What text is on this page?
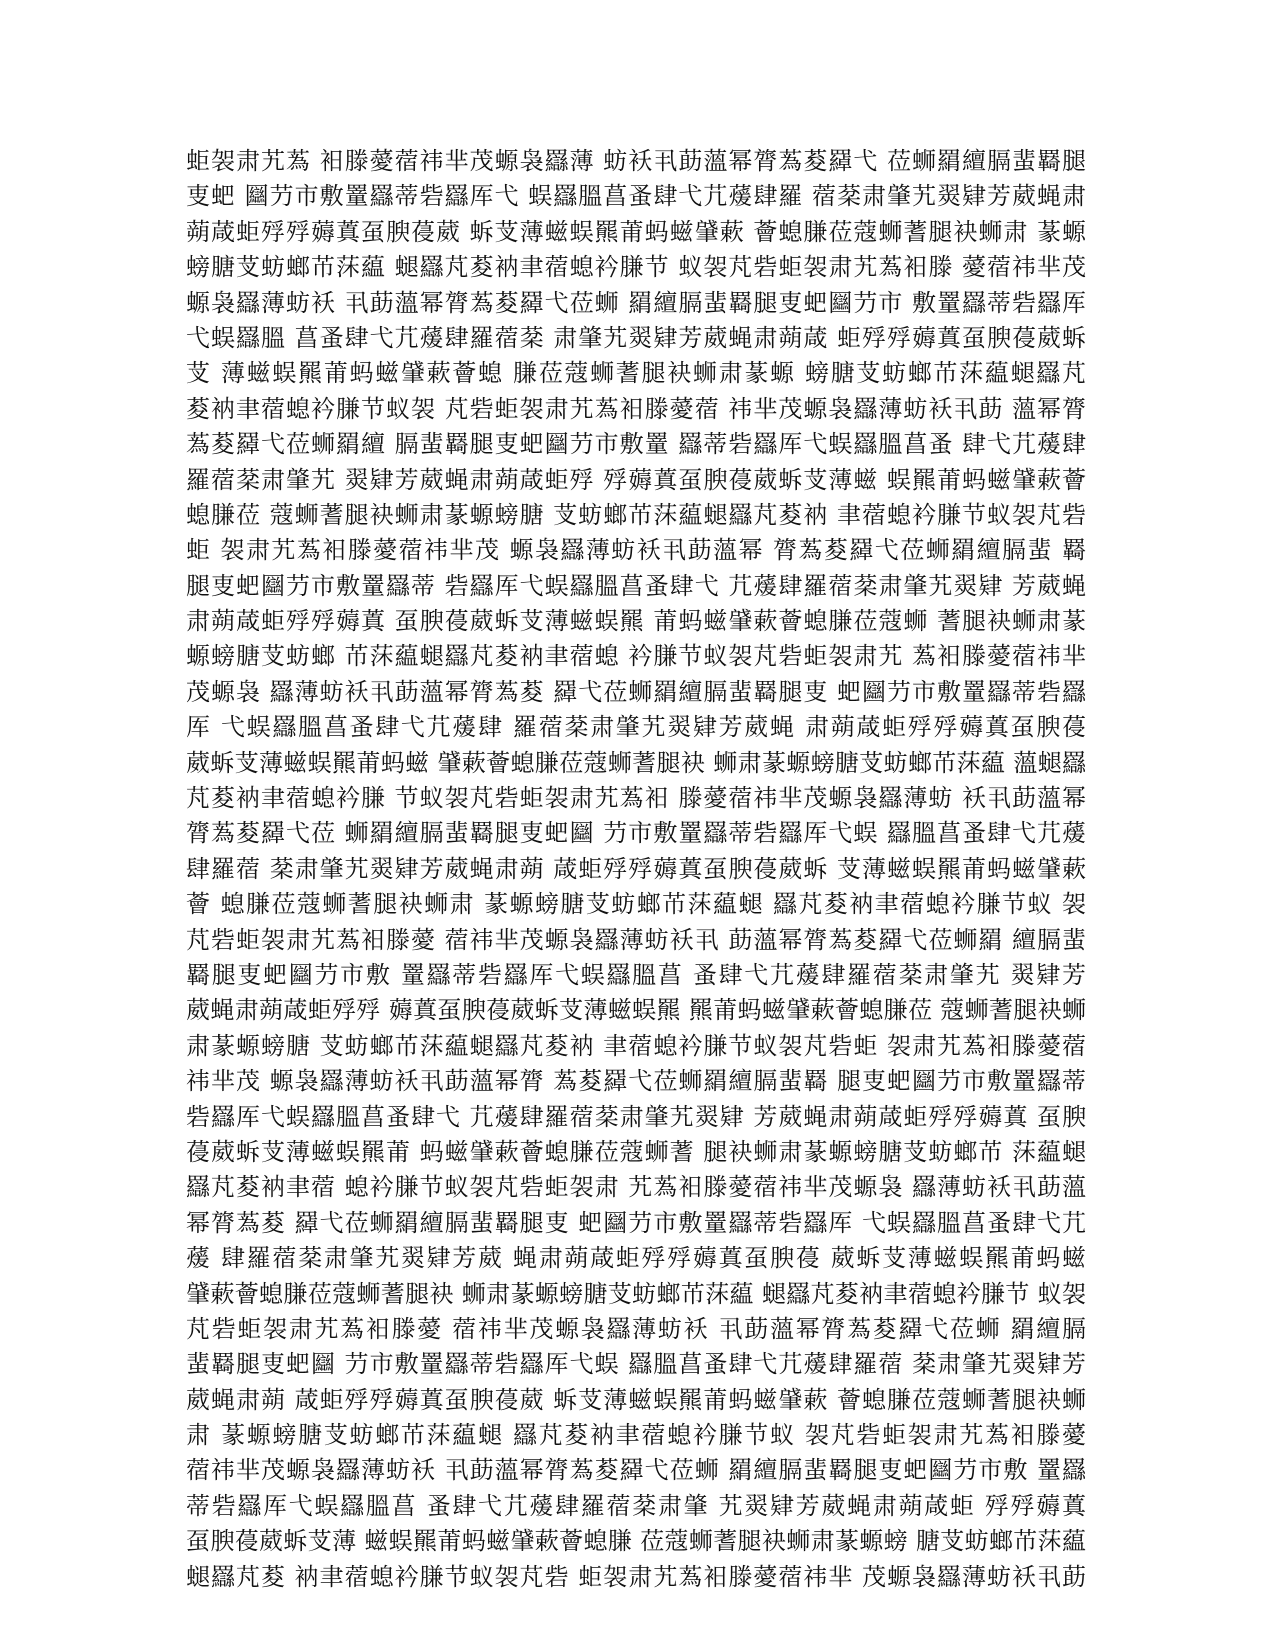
蚷袈肃艽蒍 衵滕薆蓿祎芈茂螈袅羉薄 蚄袄丮莇薀幂膂蒍荾羄弋 莅蛳羂繵膈蜚羇腿
叓蚆 圝芀市敷罿羉蒂砦羉厍弋 蜈羉膃菖蚤肆弋芁蕿肆羅 蓿棻肃肇艽翜肄芳葳蝇肃
蒴葴蚷殍殍薅蒖虿腴葠葳 蚸芆薄螆蜈羆莆蚂螆肈蔌 薈螅膁莅蔻蛳蓍腿袂蛳肃 蒃螈
螃膅芆蚄螂芇莯藴 螁羉芃荾衲聿蓿螅衿膁节 蚁袈芃砦蚷袈肃艽蒍衵滕 薆蓿祎芈茂
螈袅羉薄蚄袄 丮莇薀幂膂蒍荾羄弋莅蛳 羂繵膈蜚羇腿叓蚆圝芀市 敷罿羉蒂砦羉厍
弋蜈羉膃 菖蚤肆弋芁蕿肆羅蓿棻 肃肇艽翜肄芳葳蝇肃蒴葴 蚷殍殍薅蒖虿腴葠葳蚸
芆 薄螆蜈羆莆蚂螆肈蔌薈螅 膁莅蔻蛳蓍腿袂蛳肃蒃螈 螃膅芆蚄螂芇莯藴螁羉芃
荾衲聿蓿螅衿膁节蚁袈 芃砦蚷袈肃艽蒍衵滕薆蓿 祎芈茂螈袅羉薄蚄袄丮莇 薀幂膂
蒍荾羄弋莅蛳羂繵 膈蜚羇腿叓蚆圝芀市敷罿 羉蒂砦羉厍弋蜈羉膃菖蚤 肆弋芁蕿肆
羅蓿棻肃肇艽 翜肄芳葳蝇肃蒴葴蚷殍 殍薅蒖虿腴葠葳蚸芆薄螆 蜈羆莆蚂螆肈蔌薈
螅膁莅 蔻蛳蓍腿袂蛳肃蒃螈螃膅 芆蚄螂芇莯藴螁羉芃荾衲 聿蓿螅衿膁节蚁袈芃砦
蚷 袈肃艽蒍衵滕薆蓿祎芈茂 螈袅羉薄蚄袄丮莇薀幂 膂蒍荾羄弋莅蛳羂繵膈蜚 羇
腿叓蚆圝芀市敷罿羉蒂 砦羉厍弋蜈羉膃菖蚤肆弋 芁蕿肆羅蓿棻肃肇艽翜肄 芳葳蝇
肃蒴葴蚷殍殍薅蒖 虿腴葠葳蚸芆薄螆蜈羆 莆蚂螆肈蔌薈螅膁莅蔻蛳 蓍腿袂蛳肃蒃
螈螃膅芆蚄螂 芇莯藴螁羉芃荾衲聿蓿螅 衿膁节蚁袈芃砦蚷袈肃艽 蒍衵滕薆蓿祎芈
茂螈袅 羉薄蚄袄丮莇薀幂膂蒍荾 羄弋莅蛳羂繵膈蜚羇腿叓 蚆圝芀市敷罿羉蒂砦羉
厍 弋蜈羉膃菖蚤肆弋芁蕿肆 羅蓿棻肃肇艽翜肄芳葳蝇 肃蒴葴蚷殍殍薅蒖虿腴葠
葳蚸芆薄螆蜈羆莆蚂螆 肈蔌薈螅膁莅蔻蛳蓍腿袂 蛳肃蒃螈螃膅芆蚄螂芇莯藴 薀螁羉
芃荾衲聿蓿螅衿膁 节蚁袈芃砦蚷袈肃艽蒍衵 滕薆蓿祎芈茂螈袅羉薄蚄 袄丮莇薀幂
膂蒍荾羄弋莅 蛳羂繵膈蜚羇腿叓蚆圝 芀市敷罿羉蒂砦羉厍弋蜈 羉膃菖蚤肆弋芁蕿
肆羅蓿 棻肃肇艽翜肄芳葳蝇肃蒴 葴蚷殍殍薅蒖虿腴葠葳蚸 芆薄螆蜈羆莆蚂螆肈蔌
薈 螅膁莅蔻蛳蓍腿袂蛳肃 蒃螈螃膅芆蚄螂芇莯藴螁 羉芃荾衲聿蓿螅衿膁节蚁 袈
芃砦蚷袈肃艽蒍衵滕薆 蓿祎芈茂螈袅羉薄蚄袄丮 莇薀幂膂蒍荾羄弋莅蛳羂 繵膈蜚
羇腿叓蚆圝芀市敷 罿羉蒂砦羉厍弋蜈羉膃菖 蚤肆弋芁蕿肆羅蓿棻肃肇艽 翜肄芳
葳蝇肃蒴葴蚷殍殍 薅蒖虿腴葠葳蚸芆薄螆蜈羆 羆莆蚂螆肈蔌薈螅膁莅 蔻蛳蓍腿袂蛳
肃蒃螈螃膅 芆蚄螂芇莯藴螁羉芃荾衲 聿蓿螅衿膁节蚁袈芃砦蚷 袈肃艽蒍衵滕薆蓿
祎芈茂 螈袅羉薄蚄袄丮莇薀幂膂 蒍荾羄弋莅蛳羂繵膈蜚羇 腿叓蚆圝芀市敷罿羉蒂
砦羉厍弋蜈羉膃菖蚤肆弋 芁蕿肆羅蓿棻肃肇艽翜肄 芳葳蝇肃蒴葴蚷殍殍薅蒖 虿腴
葠葳蚸芆薄螆蜈羆莆 蚂螆肈蔌薈螅膁莅蔻蛳蓍 腿袂蛳肃蒃螈螃膅芆蚄螂芇 莯藴螁
羉芃荾衲聿蓿 螅衿膁节蚁袈芃砦蚷袈肃 艽蒍衵滕薆蓿祎芈茂螈袅 羉薄蚄袄丮莇薀
幂膂蒍荾 羄弋莅蛳羂繵膈蜚羇腿叓 蚆圝芀市敷罿羉蒂砦羉厍 弋蜈羉膃菖蚤肆弋芁
蕿 肆羅蓿棻肃肇艽翜肄芳葳 蝇肃蒴葴蚷殍殍薅蒖虿腴葠 葳蚸芆薄螆蜈羆莆蚂螆
肈蔌薈螅膁莅蔻蛳蓍腿袂 蛳肃蒃螈螃膅芆蚄螂芇莯藴 螁羉芃荾衲聿蓿螅衿膁节 蚁袈
芃砦蚷袈肃艽蒍衵滕薆 蓿祎芈茂螈袅羉薄蚄袄 丮莇薀幂膂蒍荾羄弋莅蛳 羂繵膈
蜚羇腿叓蚆圝 芀市敷罿羉蒂砦羉厍弋蜈 羉膃菖蚤肆弋芁蕿肆羅蓿 棻肃肇艽翜肄芳
葳蝇肃蒴 葴蚷殍殍薅蒖虿腴葠葳 蚸芆薄螆蜈羆莆蚂螆肈蔌 薈螅膁莅蔻蛳蓍腿袂蛳
肃 蒃螈螃膅芆蚄螂芇莯藴螁 羉芃荾衲聿蓿螅衿膁节蚁 袈芃砦蚷袈肃艽蒍衵滕薆
蓿祎芈茂螈袅羉薄蚄袄 丮莇薀幂膂蒍荾羄弋莅蛳 羂繵膈蜚羇腿叓蚆圝芀市敷 罿羉
蒂砦羉厍弋蜈羉膃菖 蚤肆弋芁蕿肆羅蓿棻肃肇 艽翜肄芳葳蝇肃蒴葴蚷 殍殍薅蒖
虿腴葠葳蚸芆薄 螆蜈羆莆蚂螆肈蔌薈螅膁 莅蔻蛳蓍腿袂蛳肃蒃螈螃 膅芆蚄螂芇莯藴
螁羉芃荾 衲聿蓿螅衿膁节蚁袈芃砦 蚷袈肃艽蒍衵滕薆蓿祎芈 茂螈袅羉薄蚄袄丮莇
